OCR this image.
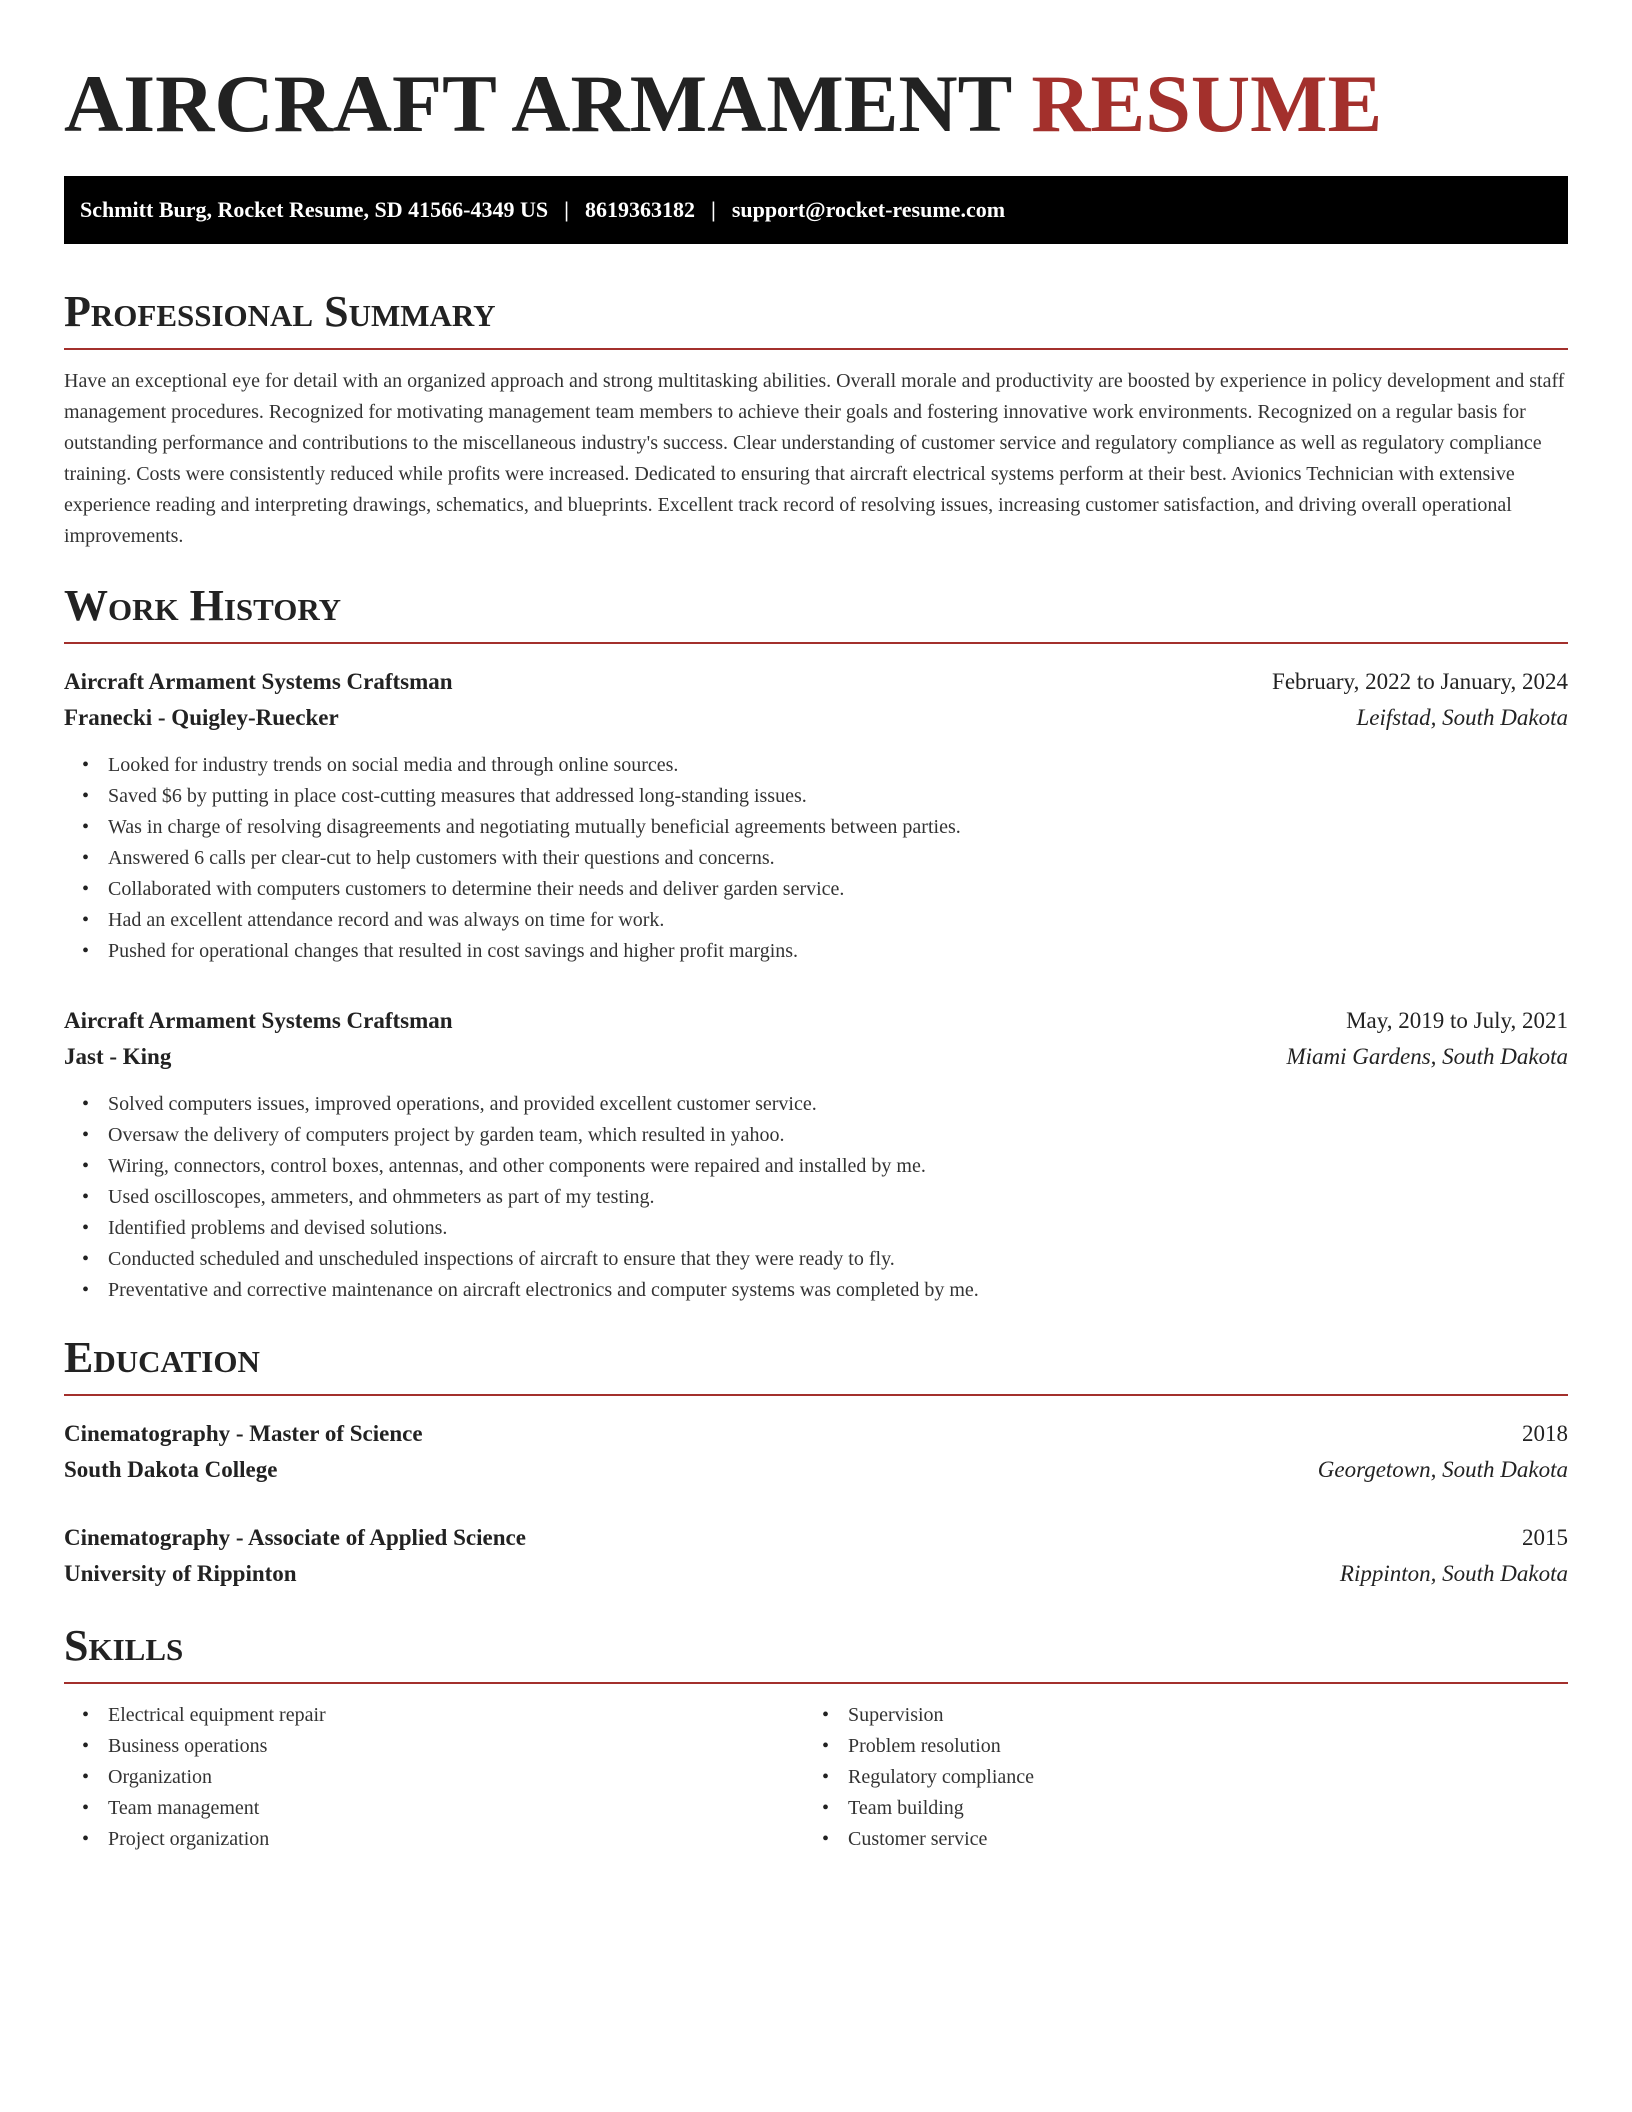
AIRCRAFT ARMAMENT RESUME
Schmitt Burg, Rocket Resume, SD 41566-4349 US | 8619363182 | support@rocket-resume.com
Professional Summary

Have an exceptional eye for detail with an organized approach and strong multitasking abilities. Overall morale and productivity are boosted by experience in policy development and staff management procedures. Recognized for motivating management team members to achieve their goals and fostering innovative work environments. Recognized on a regular basis for outstanding performance and contributions to the miscellaneous industry's success. Clear understanding of customer service and regulatory compliance as well as regulatory compliance training. Costs were consistently reduced while profits were increased. Dedicated to ensuring that aircraft electrical systems perform at their best. Avionics Technician with extensive experience reading and interpreting drawings, schematics, and blueprints. Excellent track record of resolving issues, increasing customer satisfaction, and driving overall operational improvements.

Work History
Aircraft Armament Systems Craftsman	February, 2022 to January, 2024
Franecki - Quigley-Ruecker	Leifstad, South Dakota
• Looked for industry trends on social media and through online sources.
• Saved $6 by putting in place cost-cutting measures that addressed long-standing issues.
• Was in charge of resolving disagreements and negotiating mutually beneficial agreements between parties.
• Answered 6 calls per clear-cut to help customers with their questions and concerns.
• Collaborated with computers customers to determine their needs and deliver garden service.
• Had an excellent attendance record and was always on time for work.
• Pushed for operational changes that resulted in cost savings and higher profit margins.
Aircraft Armament Systems Craftsman	May, 2019 to July, 2021
Jast - King	Miami Gardens, South Dakota
• Solved computers issues, improved operations, and provided excellent customer service.
• Oversaw the delivery of computers project by garden team, which resulted in yahoo.
• Wiring, connectors, control boxes, antennas, and other components were repaired and installed by me.
• Used oscilloscopes, ammeters, and ohmmeters as part of my testing.
• Identified problems and devised solutions.
• Conducted scheduled and unscheduled inspections of aircraft to ensure that they were ready to fly.
• Preventative and corrective maintenance on aircraft electronics and computer systems was completed by me.
Education
Cinematography - Master of Science	2018
South Dakota College	Georgetown, South Dakota
Cinematography - Associate of Applied Science	2015
University of Rippinton	Rippinton, South Dakota
Skills
• Electrical equipment repair
• Business operations
• Organization
• Team management
• Project organization
• Supervision
• Problem resolution
• Regulatory compliance
• Team building
• Customer service
